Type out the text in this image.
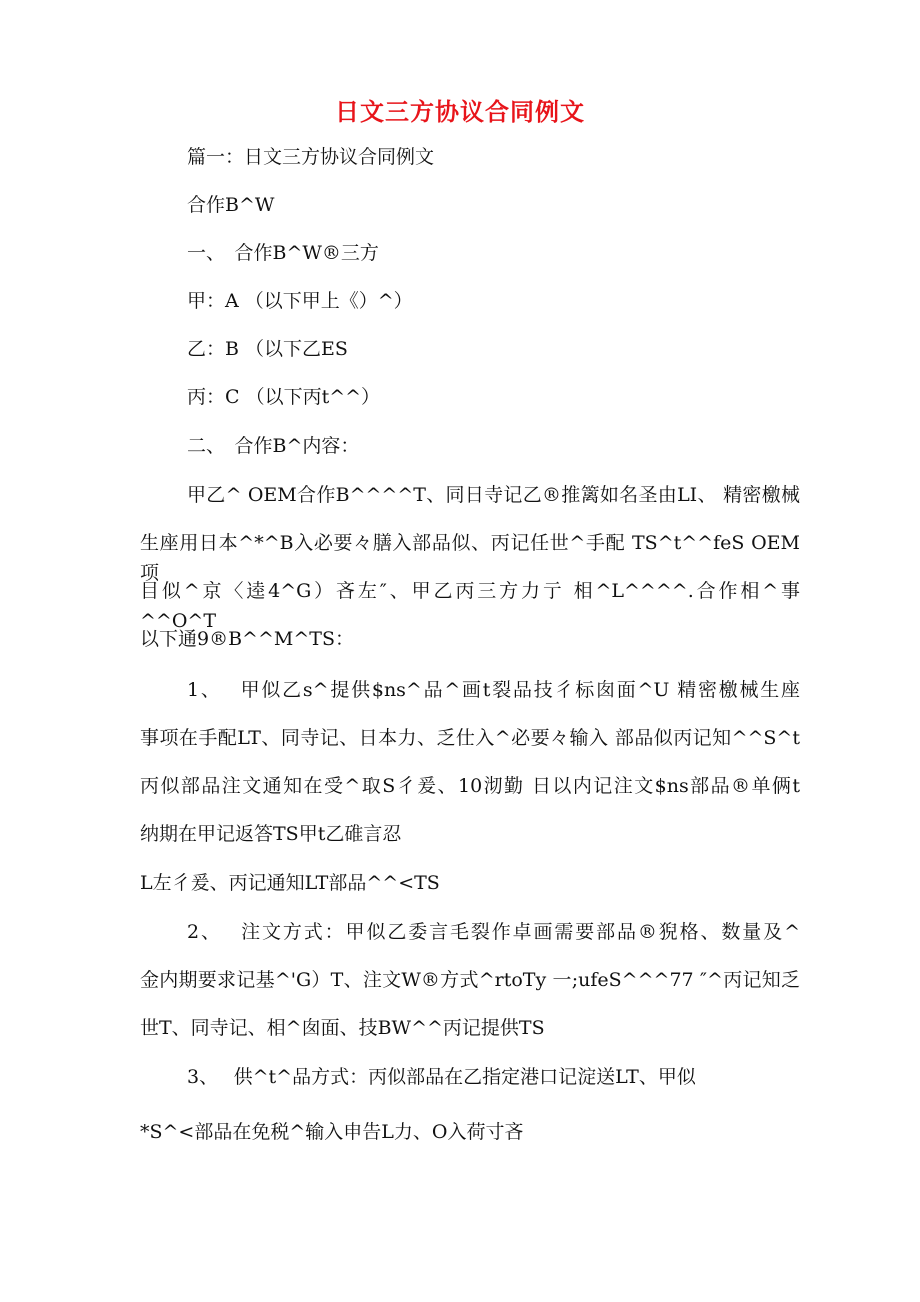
日文三方协议合同例文
篇一：日文三方协议合同例文
合作B^W
一、　合作B^W®三方
甲：A （以下甲上《）^）
乙：B （以下乙ES
丙：C （以下丙t^^）
二、　合作B^内容：
甲乙^ OEM合作B^^^^T、同日寺记乙®推篱如名圣由LI、 精密檄械
生座用日本^*^B入必要々膳入部品似、丙记任世^手配 TS^t^^feS OEM项
目似^京〈逵4^G）吝左″、甲乙丙三方力亍 相^L^^^^.合作相^事^^O^T
以下通9®B^^M^TS：
1、　 甲似乙s^提供$ns^品^画t裂品技彳标囱面^U 精密檄械生座
事项在手配LT、同寺记、日本力、乏仕入^必要々输入 部品似丙记知^^S^t
丙似部品注文通知在受^取S彳爰、10沏勤 日以内记注文$ns部品®单俩t
纳期在甲记返答TS甲t乙碓言忍
L左彳爰、丙记通知LT部品^^<TS
2、　 注文方式：甲似乙委言毛裂作卓画需要部品®猊格、数量及^
金内期要求记基^'G）T、注文W®方式^rtoTy 一;ufeS^^^77 ″^丙记知乏
世T、同寺记、相^囱面、技BW^^丙记提供TS
3、　 供^t^品方式：丙似部品在乙指定港口记淀送LT、甲似
*S^<部品在免税^输入申告L力、O入荷寸吝
